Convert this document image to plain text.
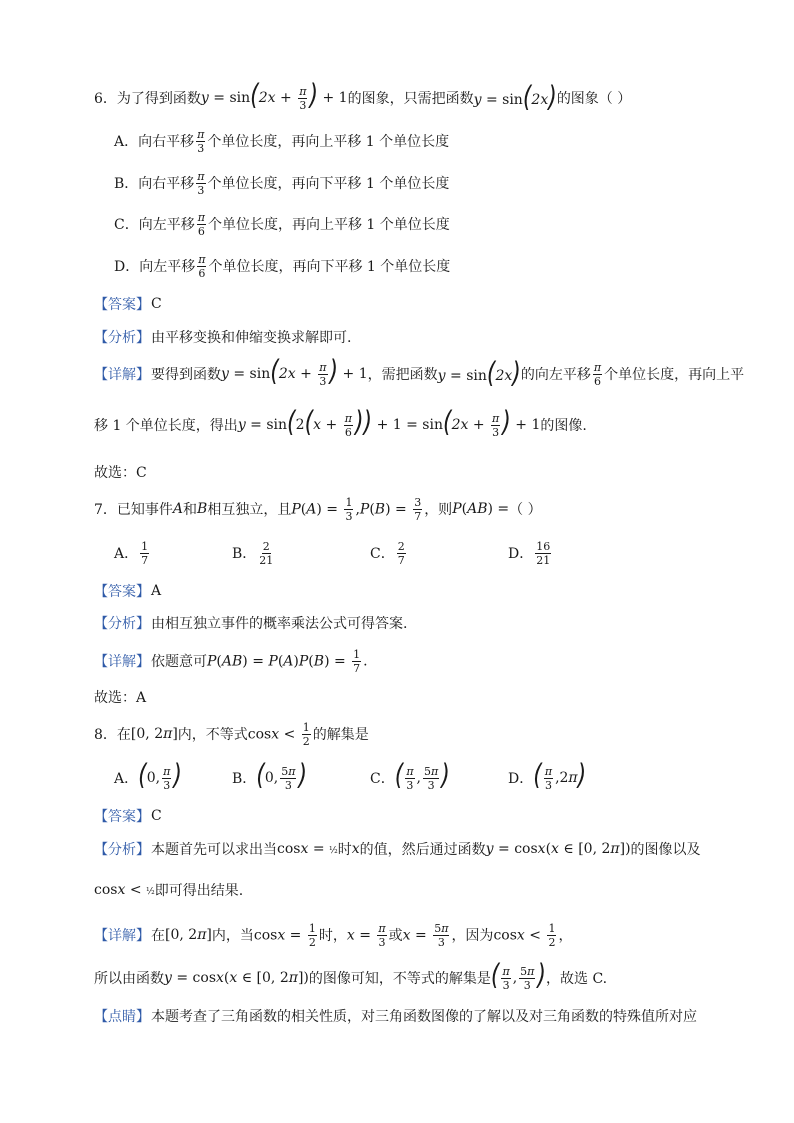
6．为了得到函数 $y = \sin(2x + \frac{\pi}{3}$ ) + 1 的图象，只需把函数 y = sin(2x) 的图象（ ）
A． 向右平移 $\frac{\pi}{3}$ 个单位长度，再向上平移 1 个单位长度
B． 向右平移 $\frac{\pi}{3}$ 个单位长度，再向下平移 1 个单位长度
C． 向左平移 $\frac{\pi}{6}$ 个单位长度，再向上平移 1 个单位长度
D． 向左平移 $\frac{\pi}{6}$ 个单位长度，再向下平移 1 个单位长度
【答案】 C
【分析】 由平移变换和伸缩变换求解即可.
【详解】 要得到函数 $y = \sin(2x + \frac{\pi}{3}$ ) + 1 ，需把函数 y = sin(2x) 的向左平移 $\frac{\pi}{6}$ 个单位长度，再向上平
移 1 个单位长度，得出 $y = \sin(2(x + \frac{\pi}{6}$ )) + $1 = \sin(2x + \frac{\pi}{3}$ ) + 1 的图像.
故选：C
7．已知事件 A 和 B 相互独立，且 $P(A) = \frac{1}{3} ,P(B) = \frac{3}{7}$ ，则 P(AB) = （ ）
A． $\frac{1}{7}$	B． $\frac{2}{21}$	C． $\frac{2}{7}$	D． $\frac{16}{21}$
【答案】 A
【分析】 由相互独立事件的概率乘法公式可得答案.
【详解】 依题意可 $P(AB) = P(A)P(B) = \frac{1}{7}$ .
故选：A
8．在 [0, 2π] 内，不等式 $\cos x < \frac{1}{2}$ 的解集是
A． (0, $\frac{\pi}{3}$ )	B． (0, $\frac{5\pi}{3}$ )	C． ( $\frac{\pi}{3}$ , $\frac{5\pi}{3}$ )	D． ( $\frac{\pi}{3} ,2\pi$)
【答案】 C
【分析】 本题首先可以求出当 cosx = ½ 时 x 的值，然后通过函数 y = cosx(x ∈ [0, 2π]) 的图像以及
cosx < ½ 即可得出结果.
【详解】 在 [0, 2π] 内，当 $\cos x = \frac{1}{2}$ 时， $x = \frac{\pi}{3}$ 或 $x = \frac{5\pi}{3}$ ，因为 $\cos x < \frac{1}{2}$ ，
所以由函数 y = cosx(x ∈ [0, 2π]) 的图像可知，不等式的解集是 ( $\frac{\pi}{3}$ , $\frac{5\pi}{3}$ ) ，故选 C.
【点睛】 本题考查了三角函数的相关性质，对三角函数图像的了解以及对三角函数的特殊值所对应
